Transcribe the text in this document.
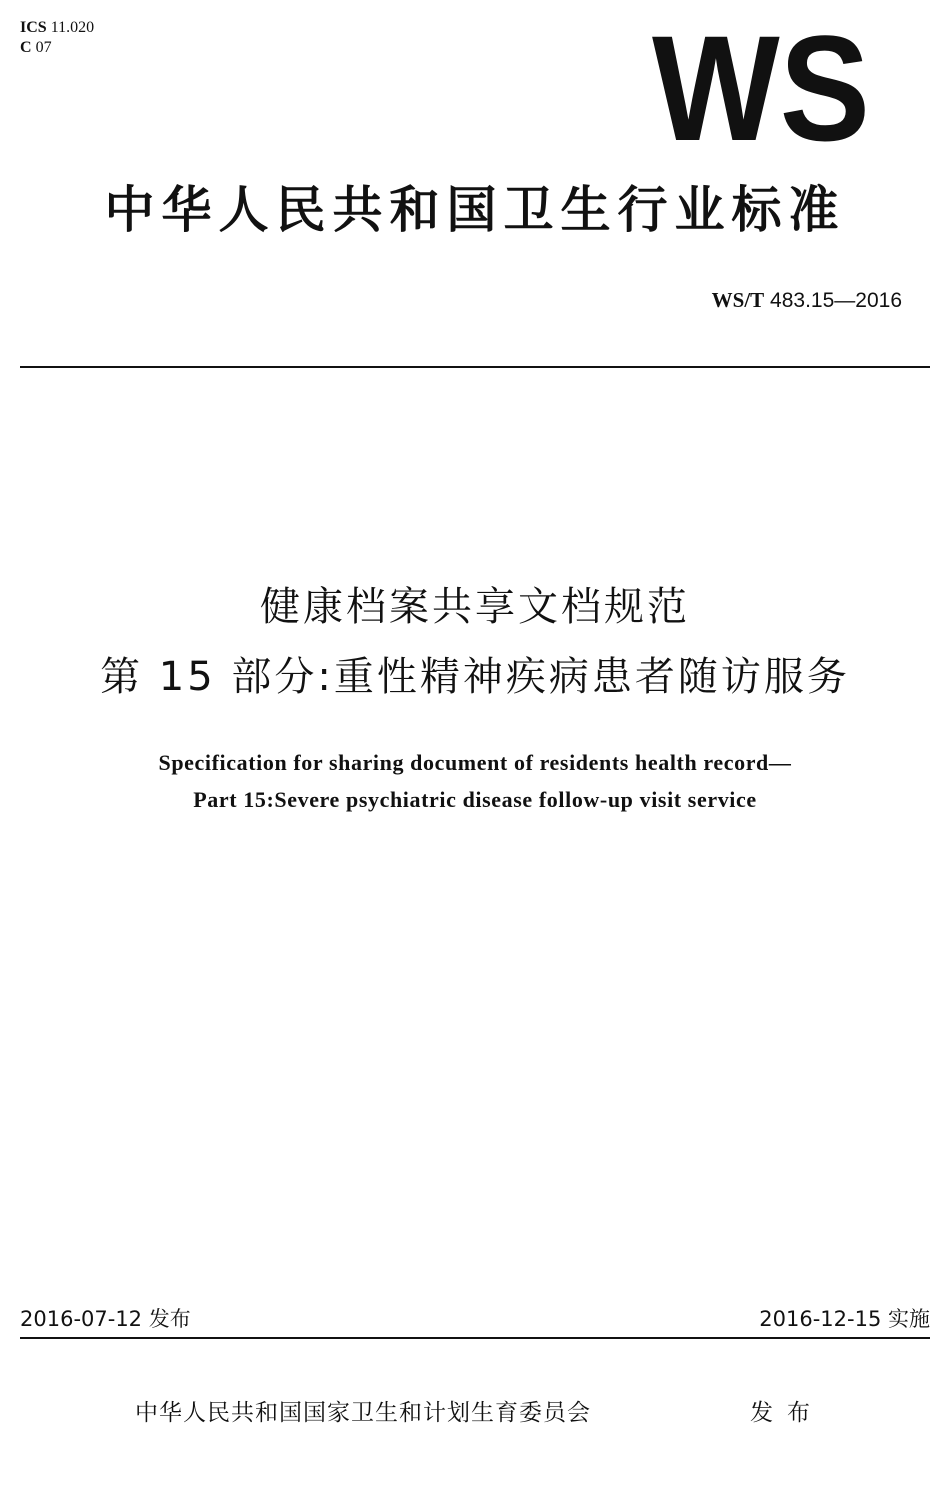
ICS 11.020
C 07	WS
中华人民共和国卫生行业标准
WS/T 483.15—2016
健康档案共享文档规范
第 15 部分:重性精神疾病患者随访服务
Specification for sharing document of residents health record—
Part 15:Severe psychiatric disease follow-up visit service
2016-07-12 发布	2016-12-15 实施
中华人民共和国国家卫生和计划生育委员会	发布
